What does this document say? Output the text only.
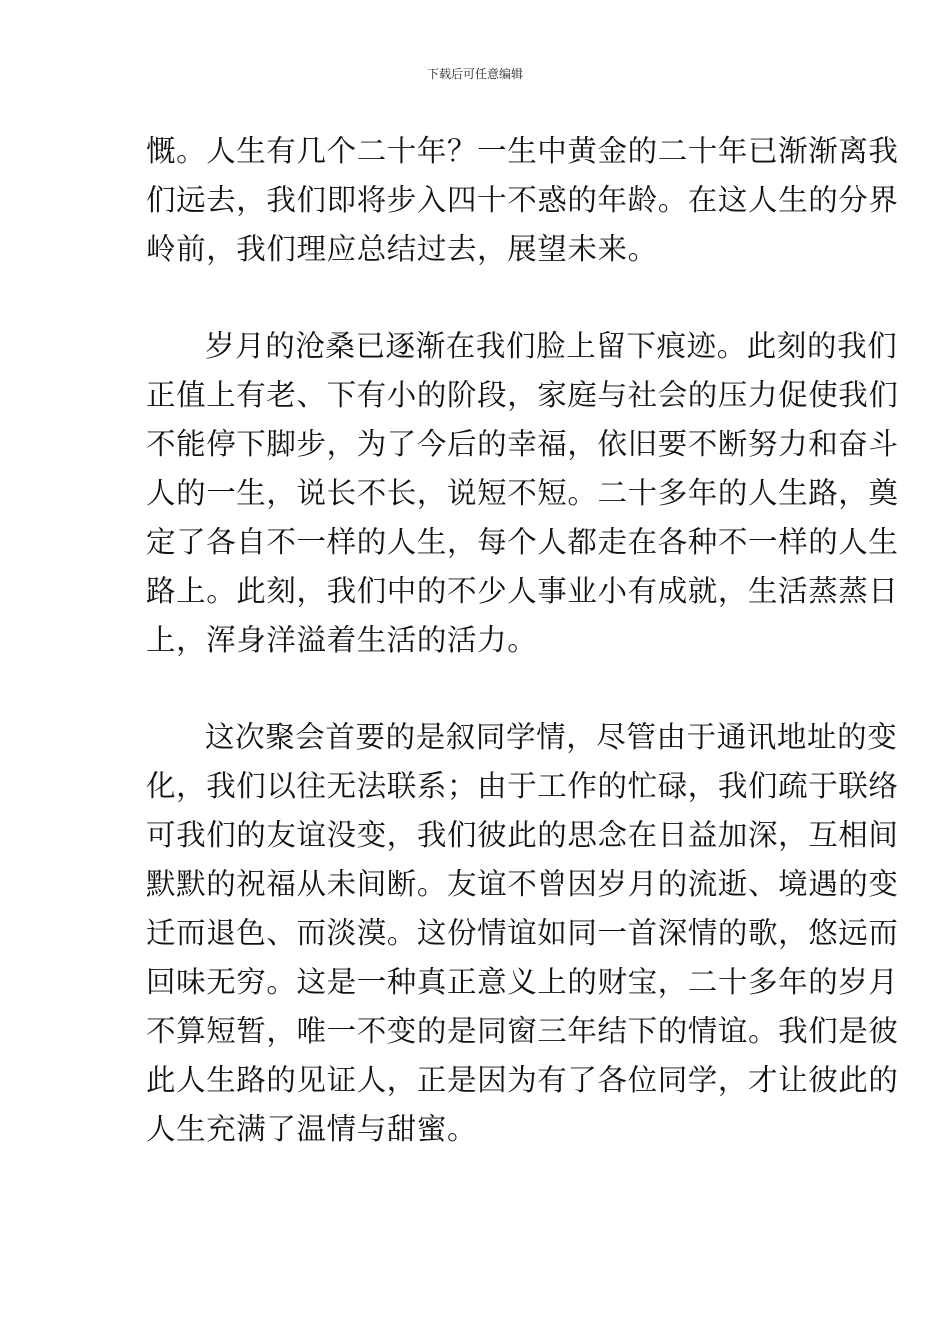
下载后可任意编辑
慨。人生有几个二十年？一生中黄金的二十年已渐渐离我
们远去，我们即将步入四十不惑的年龄。在这人生的分界
岭前，我们理应总结过去，展望未来。
岁月的沧桑已逐渐在我们脸上留下痕迹。此刻的我们
正值上有老、下有小的阶段，家庭与社会的压力促使我们
不能停下脚步，为了今后的幸福，依旧要不断努力和奋斗
人的一生，说长不长，说短不短。二十多年的人生路，奠
定了各自不一样的人生，每个人都走在各种不一样的人生
路上。此刻，我们中的不少人事业小有成就，生活蒸蒸日
上，浑身洋溢着生活的活力。
这次聚会首要的是叙同学情，尽管由于通讯地址的变
化，我们以往无法联系；由于工作的忙碌，我们疏于联络
可我们的友谊没变，我们彼此的思念在日益加深，互相间
默默的祝福从未间断。友谊不曾因岁月的流逝、境遇的变
迁而退色、而淡漠。这份情谊如同一首深情的歌，悠远而
回味无穷。这是一种真正意义上的财宝，二十多年的岁月
不算短暂，唯一不变的是同窗三年结下的情谊。我们是彼
此人生路的见证人，正是因为有了各位同学，才让彼此的
人生充满了温情与甜蜜。
